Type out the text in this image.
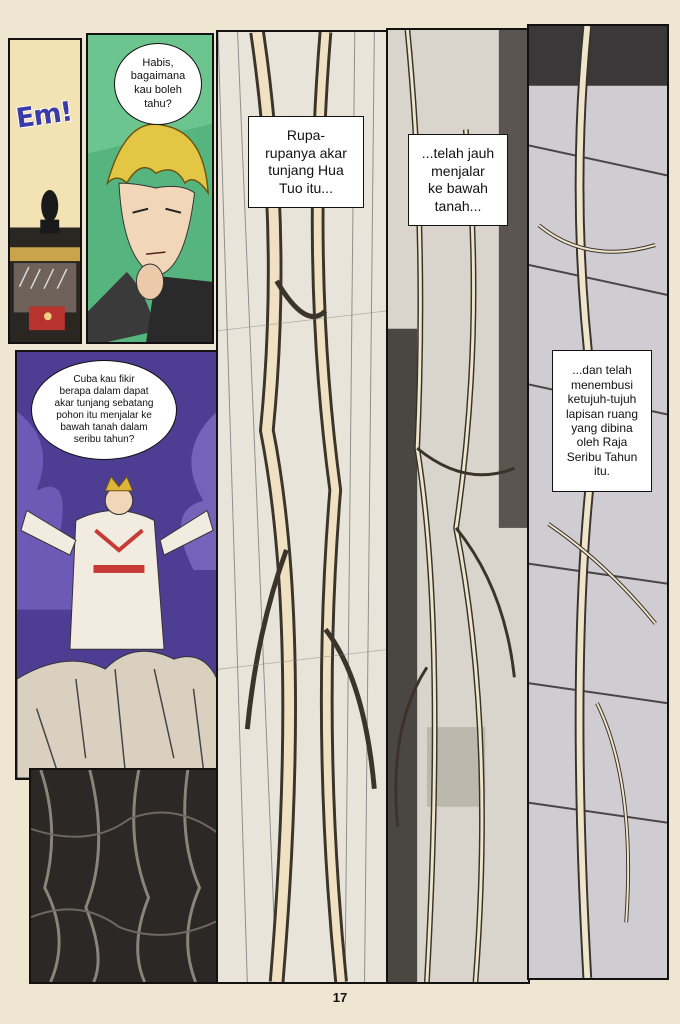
Em!
Habis,
bagaimana
kau boleh
tahu?
Cuba kau fikir
berapa dalam dapat
akar tunjang sebatang
pohon itu menjalar ke
bawah tanah dalam
seribu tahun?
Rupa-
rupanya akar
tunjang Hua
Tuo itu...
...telah jauh
menjalar
ke bawah
tanah...
...dan telah
menembusi
ketujuh-tujuh
lapisan ruang
yang dibina
oleh Raja
Seribu Tahun
itu.
17
